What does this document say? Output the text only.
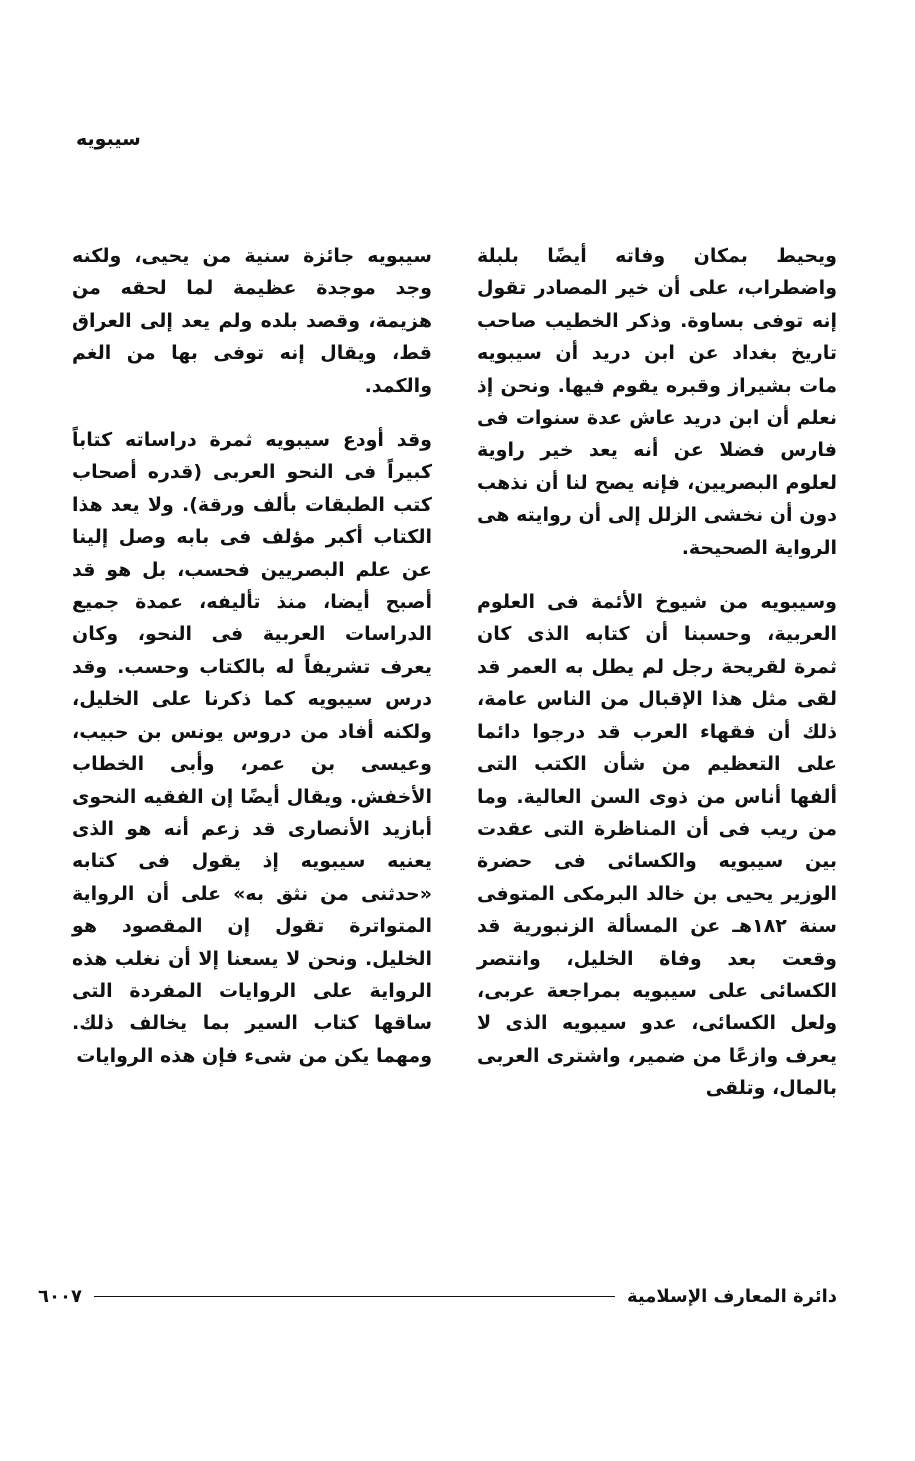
سيبويه

ويحيط بمكان وفاته أيضًا بلبلة واضطراب، على أن خير المصادر تقول إنه توفى بساوة. وذكر الخطيب صاحب تاريخ بغداد عن ابن دريد أن سيبويه مات بشيراز وقبره يقوم فيها. ونحن إذ نعلم أن ابن دريد عاش عدة سنوات فى فارس فضلا عن أنه يعد خير راوية لعلوم البصريين، فإنه يصح لنا أن نذهب دون أن نخشى الزلل إلى أن روايته هى الرواية الصحيحة.

وسيبويه من شيوخ الأئمة فى العلوم العربية، وحسبنا أن كتابه الذى كان ثمرة لقريحة رجل لم يطل به العمر قد لقى مثل هذا الإقبال من الناس عامة، ذلك أن فقهاء العرب قد درجوا دائما على التعظيم من شأن الكتب التى ألفها أناس من ذوى السن العالية. وما من ريب فى أن المناظرة التى عقدت بين سيبويه والكسائى فى حضرة الوزير يحيى بن خالد البرمكى المتوفى سنة ١٨٢هـ عن المسألة الزنبورية قد وقعت بعد وفاة الخليل، وانتصر الكسائى على سيبويه بمراجعة عربى، ولعل الكسائى، عدو سيبويه الذى لا يعرف وازعًا من ضمير، واشترى العربى بالمال، وتلقى

سيبويه جائزة سنية من يحيى، ولكنه وجد موجدة عظيمة لما لحقه من هزيمة، وقصد بلده ولم يعد إلى العراق قط، ويقال إنه توفى بها من الغم والكمد.

وقد أودع سيبويه ثمرة دراساته كتاباً كبيراً فى النحو العربى (قدره أصحاب كتب الطبقات بألف ورقة). ولا يعد هذا الكتاب أكبر مؤلف فى بابه وصل إلينا عن علم البصريين فحسب، بل هو قد أصبح أيضا، منذ تأليفه، عمدة جميع الدراسات العربية فى النحو، وكان يعرف تشريفاً له بالكتاب وحسب. وقد درس سيبويه كما ذكرنا على الخليل، ولكنه أفاد من دروس يونس بن حبيب، وعيسى بن عمر، وأبى الخطاب الأخفش. ويقال أيضًا إن الفقيه النحوى أبازيد الأنصارى قد زعم أنه هو الذى يعنيه سيبويه إذ يقول فى كتابه «حدثنى من نثق به» على أن الرواية المتواترة تقول إن المقصود هو الخليل. ونحن لا يسعنا إلا أن نغلب هذه الرواية على الروايات المفردة التى ساقها كتاب السير بما يخالف ذلك. ومهما يكن من شىء فإن هذه الروايات

دائرة المعارف الإسلامية
٦٠٠٧
